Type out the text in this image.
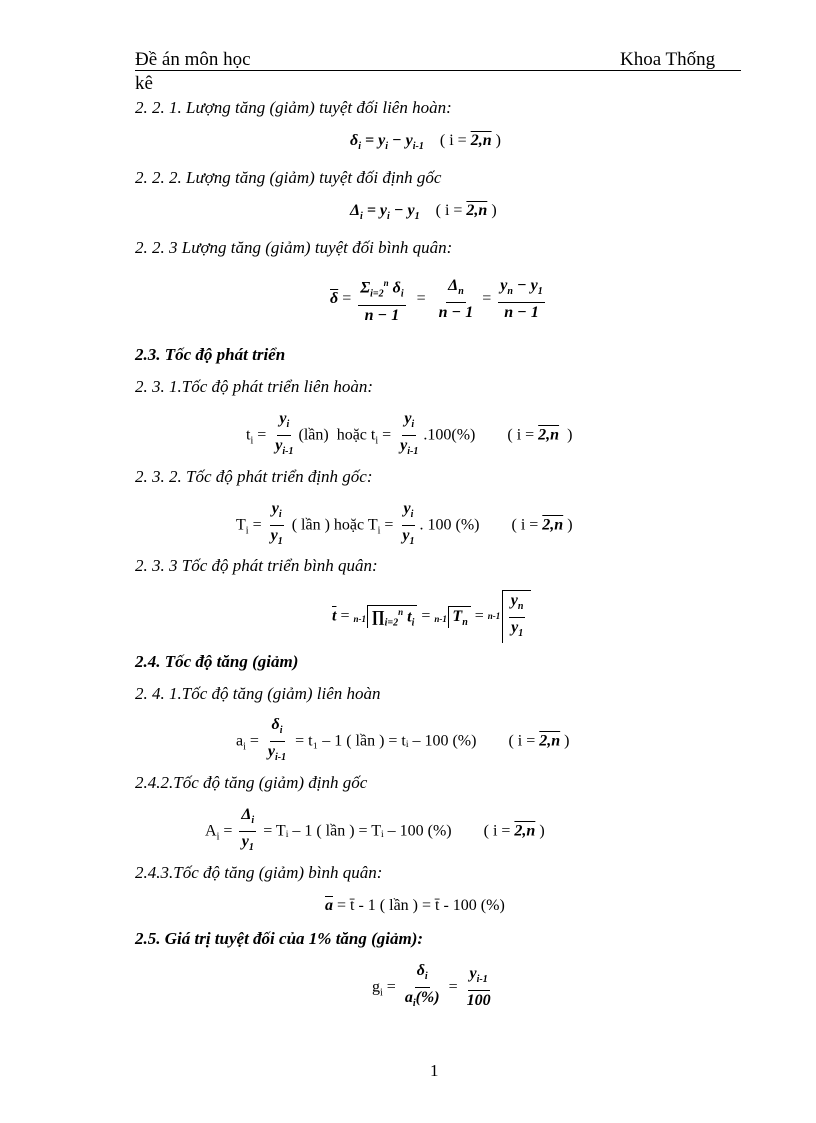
Đề án môn học	Khoa Thống
kê
2. 2. 1. Lượng tăng (giảm) tuyệt đối liên hoàn:
$\delta_i = y_i - y_{i-1}$    ( i = 2,n )
2. 2. 2. Lượng tăng (giảm) tuyệt đối định gốc
$\Delta_i = y_i - y_1$    ( i = 2,n )
2. 2. 3 Lượng tăng (giảm) tuyệt đối bình quân:
$\overline{\delta} = \frac{\Sigma_{i=2}^n \delta_i}{n - 1} = \frac{\Delta_n}{n - 1} = \frac{y_n - y_1}{n - 1}$
2.3. Tốc độ phát triển
2. 3. 1.Tốc độ phát triển liên hoàn:
$t_i = \frac{y_i}{y_{i-1}}$ (lần) hoặc $t_i = \frac{y_i}{y_{i-1}} .100(\%)$        ( i = 2,n  )
2. 3. 2. Tốc độ phát triển định gốc:
$T_i = \frac{y_i}{y_1}$ ( lần ) hoặc $T_i = \frac{y_i}{y_1}$ . 100 (%)        ( i = 2,n )
2. 3. 3 Tốc độ phát triển bình quân:
$\overline{t} = n-1$ $\prod_{i=2}^n$ $t_i = n-1$ $T_n = n-1 \frac{y_n}{y_1}$
2.4. Tốc độ tăng (giảm)
2. 4. 1.Tốc độ tăng (giảm) liên hoàn
$a_i = \frac{\delta_i}{y_{i-1}} = t_1 - 1$ ( lần ) = tᵢ – 100 (%)        ( i = 2,n )
2.4.2.Tốc độ tăng (giảm) định gốc
$A_i = \frac{\Delta_i}{y_1}$ = Tᵢ – 1 ( lần ) = Tᵢ – 100 (%)        ( i = 2,n )
2.4.3.Tốc độ tăng (giảm) bình quân:
$\overline{a}$ = t̄ - 1 ( lần ) = t̄ - 100 (%)
2.5. Giá trị tuyệt đối của 1% tăng (giảm):
$g_i = \frac{\delta_i}{a_i(\%)} = \frac{y_{i-1}}{100}$
1
